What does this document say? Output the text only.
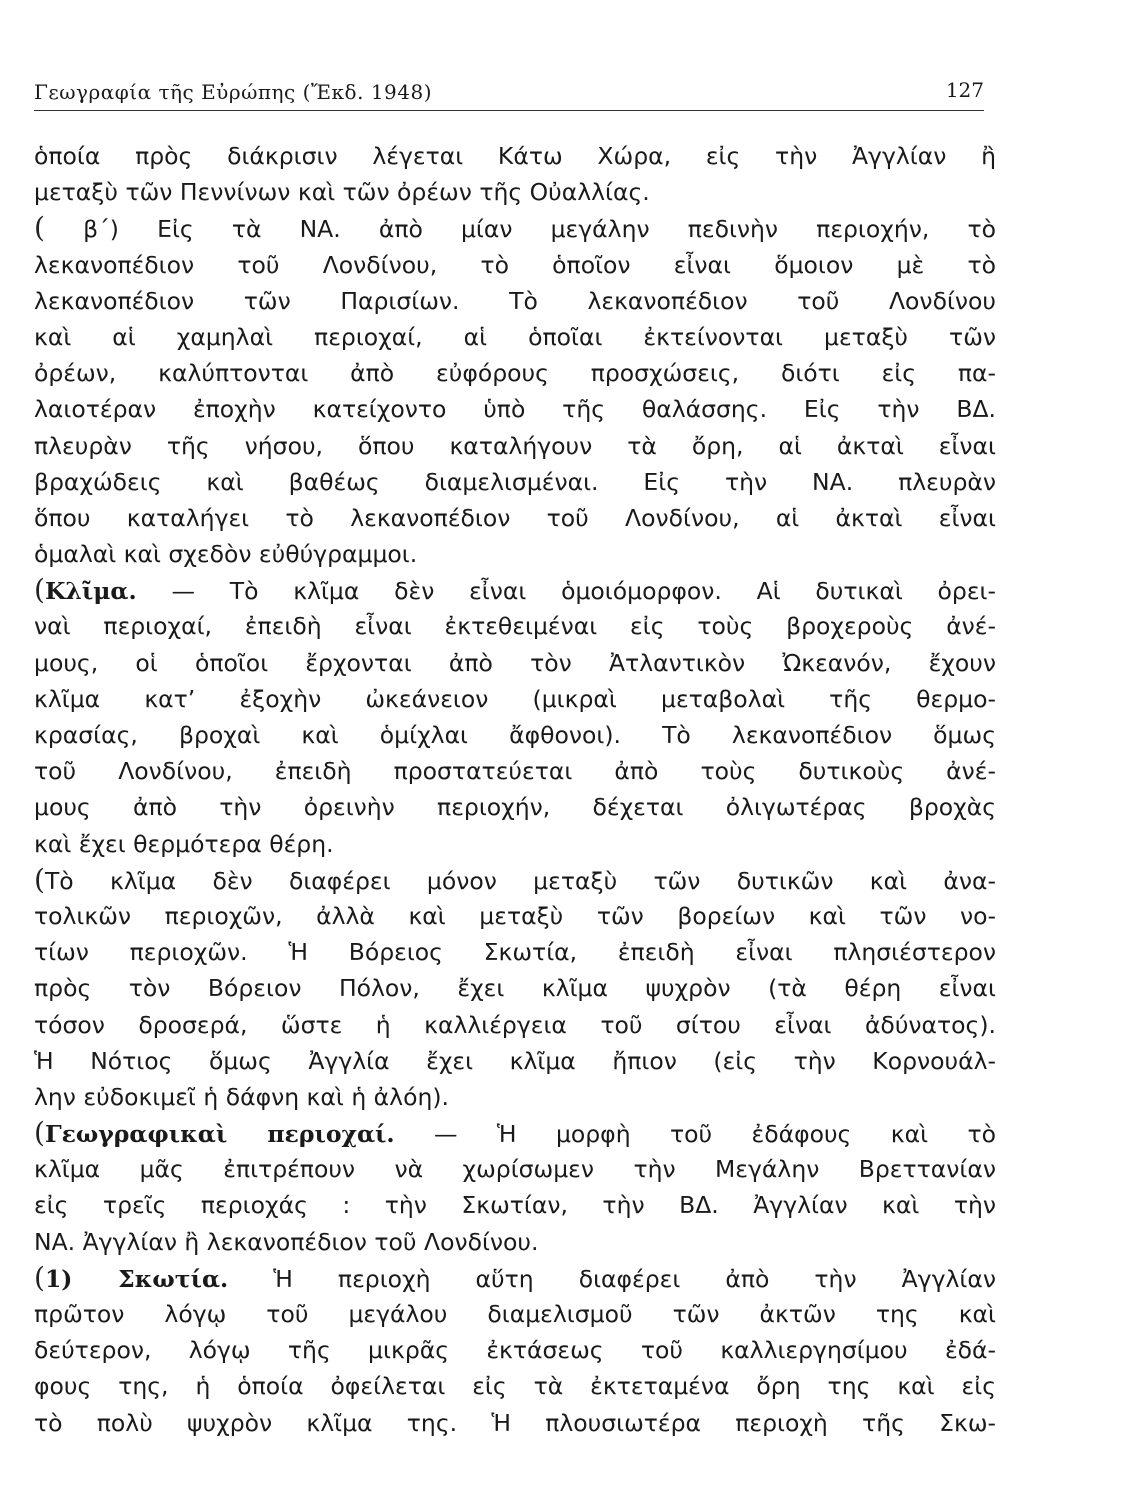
Γεωγραφία τῆς Εὐρώπης (Ἔκδ. 1948)	127
ὁποία πρὸς διάκρισιν λέγεται Κάτω Χώρα, εἰς τὴν Ἀγγλίαν ἢ
μεταξὺ τῶν Πεννίνων καὶ τῶν ὀρέων τῆς Οὐαλλίας.
( β΄) Εἰς τὰ ΝΑ. ἀπὸ μίαν μεγάλην πεδινὴν περιοχήν, τὸ
λεκανοπέδιον τοῦ Λονδίνου, τὸ ὁποῖον εἶναι ὅμοιον μὲ τὸ
λεκανοπέδιον τῶν Παρισίων. Τὸ λεκανοπέδιον τοῦ Λονδίνου
καὶ αἱ χαμηλαὶ περιοχαί, αἱ ὁποῖαι ἐκτείνονται μεταξὺ τῶν
ὀρέων, καλύπτονται ἀπὸ εὐφόρους προσχώσεις, διότι εἰς πα-
λαιοτέραν ἐποχὴν κατείχοντο ὑπὸ τῆς θαλάσσης. Εἰς τὴν ΒΔ.
πλευρὰν τῆς νήσου, ὅπου καταλήγουν τὰ ὄρη, αἱ ἀκταὶ εἶναι
βραχώδεις καὶ βαθέως διαμελισμέναι. Εἰς τὴν ΝΑ. πλευρὰν
ὅπου καταλήγει τὸ λεκανοπέδιον τοῦ Λονδίνου, αἱ ἀκταὶ εἶναι
ὁμαλαὶ καὶ σχεδὸν εὐθύγραμμοι.
(Κλῖμα. — Τὸ κλῖμα δὲν εἶναι ὁμοιόμορφον. Αἱ δυτικαὶ ὀρει-
ναὶ περιοχαί, ἐπειδὴ εἶναι ἐκτεθειμέναι εἰς τοὺς βροχεροὺς ἀνέ-
μους, οἱ ὁποῖοι ἔρχονται ἀπὸ τὸν Ἀτλαντικὸν Ὠκεανόν, ἔχουν
κλῖμα κατ’ ἐξοχὴν ὠκεάνειον (μικραὶ μεταβολαὶ τῆς θερμο-
κρασίας, βροχαὶ καὶ ὁμίχλαι ἄφθονοι). Τὸ λεκανοπέδιον ὅμως
τοῦ Λονδίνου, ἐπειδὴ προστατεύεται ἀπὸ τοὺς δυτικοὺς ἀνέ-
μους ἀπὸ τὴν ὀρεινὴν περιοχήν, δέχεται ὀλιγωτέρας βροχὰς
καὶ ἔχει θερμότερα θέρη.
(Τὸ κλῖμα δὲν διαφέρει μόνον μεταξὺ τῶν δυτικῶν καὶ ἀνα-
τολικῶν περιοχῶν, ἀλλὰ καὶ μεταξὺ τῶν βορείων καὶ τῶν νο-
τίων περιοχῶν. Ἡ Βόρειος Σκωτία, ἐπειδὴ εἶναι πλησιέστερον
πρὸς τὸν Βόρειον Πόλον, ἔχει κλῖμα ψυχρὸν (τὰ θέρη εἶναι
τόσον δροσερά, ὥστε ἡ καλλιέργεια τοῦ σίτου εἶναι ἀδύνατος).
Ἡ Νότιος ὅμως Ἀγγλία ἔχει κλῖμα ἤπιον (εἰς τὴν Κορνουάλ-
λην εὐδοκιμεῖ ἡ δάφνη καὶ ἡ ἀλόη).
(Γεωγραφικαὶ περιοχαί. — Ἡ μορφὴ τοῦ ἐδάφους καὶ τὸ
κλῖμα μᾶς ἐπιτρέπουν νὰ χωρίσωμεν τὴν Μεγάλην Βρεττανίαν
εἰς τρεῖς περιοχάς : τὴν Σκωτίαν, τὴν ΒΔ. Ἀγγλίαν καὶ τὴν
ΝΑ. Ἀγγλίαν ἢ λεκανοπέδιον τοῦ Λονδίνου.
(1) Σκωτία. Ἡ περιοχὴ αὕτη διαφέρει ἀπὸ τὴν Ἀγγλίαν
πρῶτον λόγῳ τοῦ μεγάλου διαμελισμοῦ τῶν ἀκτῶν της καὶ
δεύτερον, λόγῳ τῆς μικρᾶς ἐκτάσεως τοῦ καλλιεργησίμου ἐδά-
φους της, ἡ ὁποία ὀφείλεται εἰς τὰ ἐκτεταμένα ὄρη της καὶ εἰς
τὸ πολὺ ψυχρὸν κλῖμα της. Ἡ πλουσιωτέρα περιοχὴ τῆς Σκω-
